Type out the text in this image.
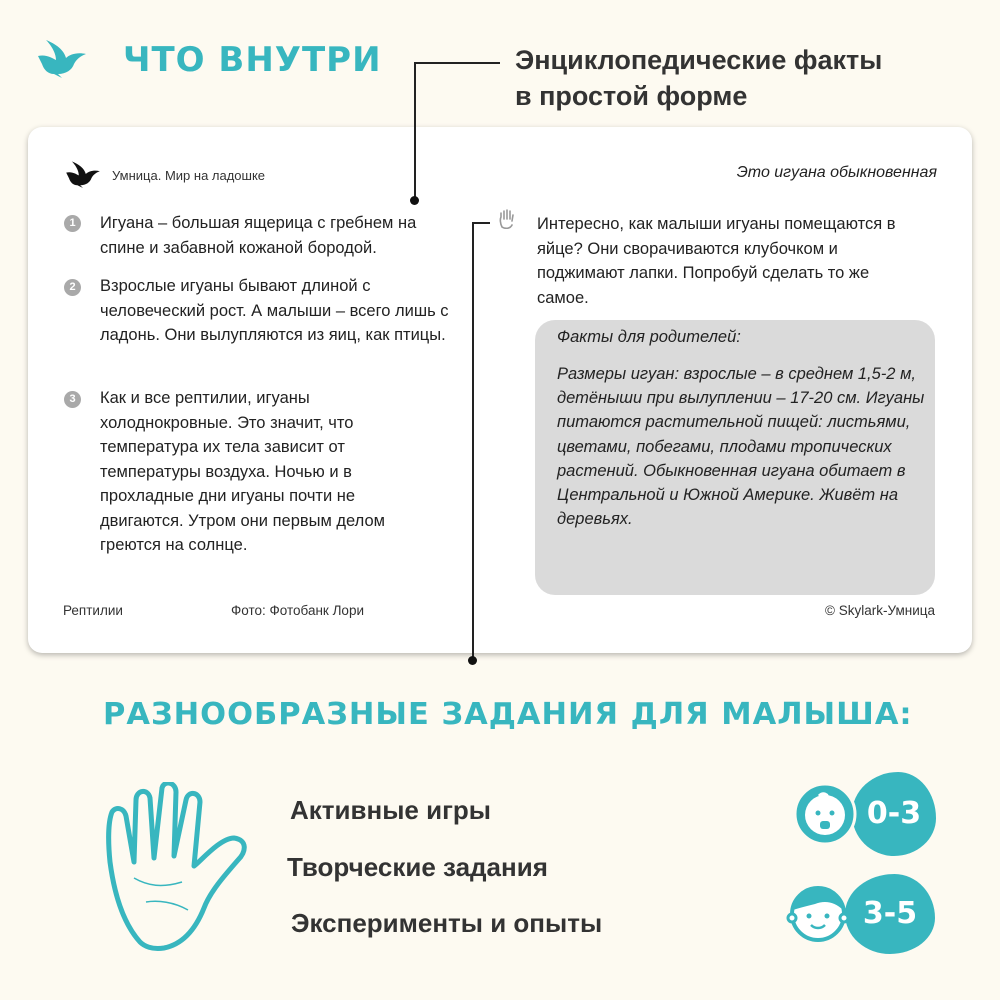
ЧТО ВНУТРИ	Энциклопедические факты
в простой форме
Умница. Мир на ладошке	Это игуана обыкновенная
1	Игуана – большая ящерица с гребнем на спине и забавной кожаной бородой.
2	Взрослые игуаны бывают длиной с человеческий рост. А малыши – всего лишь с ладонь. Они вылупляются из яиц, как птицы.
3	Как и все рептилии, игуаны холоднокровные. Это значит, что температура их тела зависит от температуры воздуха. Ночью и в прохладные дни игуаны почти не двигаются. Утром они первым делом греются на солнце.
Интересно, как малыши игуаны помещаются в яйце? Они сворачиваются клубочком и поджимают лапки. Попробуй сделать то же самое.
Факты для родителей:
Размеры игуан: взрослые – в среднем 1,5-2 м, детёныши при вылуплении – 17-20 см. Игуаны питаются растительной пищей: листьями, цветами, побегами, плодами тропических растений. Обыкновенная игуана обитает в Центральной и Южной Америке. Живёт на деревьях.
Рептилии	Фото: Фотобанк Лори	© Skylark-Умница
РАЗНООБРАЗНЫЕ ЗАДАНИЯ ДЛЯ МАЛЫША:
Активные игры
Творческие задания
Эксперименты и опыты
0-3
3-5
